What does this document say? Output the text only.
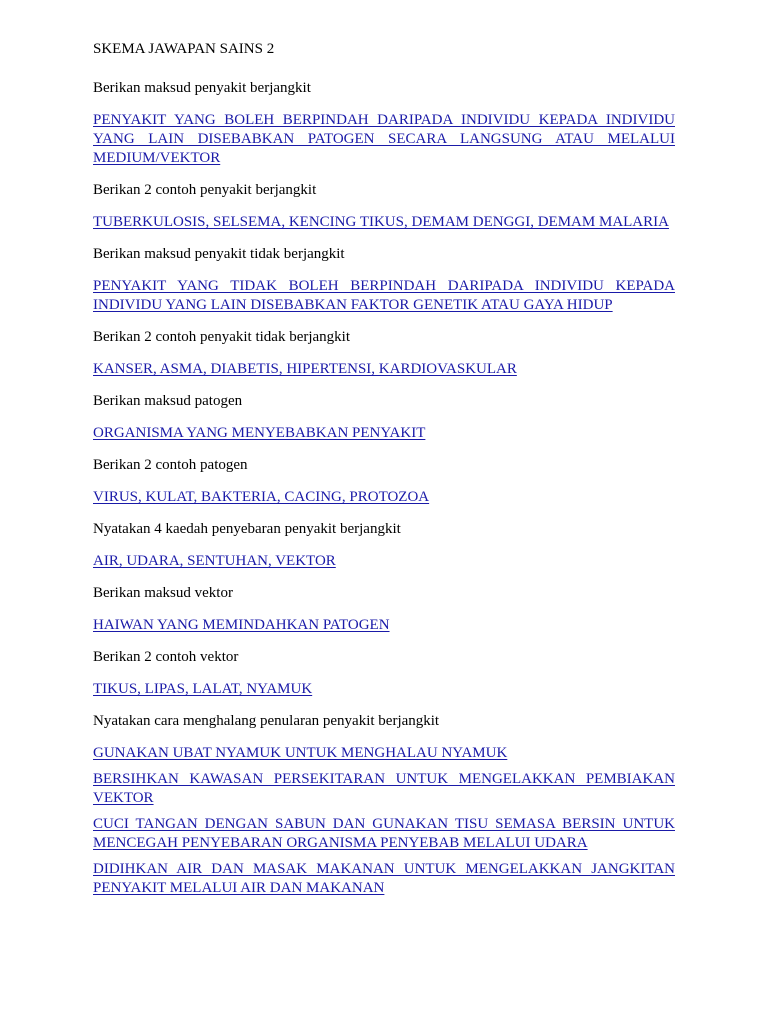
SKEMA JAWAPAN SAINS 2
Berikan maksud penyakit berjangkit
PENYAKIT YANG BOLEH BERPINDAH DARIPADA INDIVIDU KEPADA INDIVIDU YANG LAIN DISEBABKAN PATOGEN SECARA LANGSUNG ATAU MELALUI MEDIUM/VEKTOR
Berikan 2 contoh penyakit berjangkit
TUBERKULOSIS, SELSEMA, KENCING TIKUS, DEMAM DENGGI, DEMAM MALARIA
Berikan maksud penyakit tidak berjangkit
PENYAKIT YANG TIDAK BOLEH BERPINDAH DARIPADA INDIVIDU KEPADA INDIVIDU YANG LAIN DISEBABKAN FAKTOR GENETIK ATAU GAYA HIDUP
Berikan 2 contoh penyakit tidak berjangkit
KANSER, ASMA, DIABETIS, HIPERTENSI, KARDIOVASKULAR
Berikan maksud patogen
ORGANISMA YANG MENYEBABKAN PENYAKIT
Berikan 2 contoh patogen
VIRUS, KULAT, BAKTERIA, CACING, PROTOZOA
Nyatakan 4 kaedah penyebaran penyakit berjangkit
AIR, UDARA, SENTUHAN, VEKTOR
Berikan maksud vektor
HAIWAN YANG MEMINDAHKAN PATOGEN
Berikan 2 contoh vektor
TIKUS, LIPAS, LALAT, NYAMUK
Nyatakan cara menghalang penularan penyakit berjangkit
GUNAKAN UBAT NYAMUK UNTUK MENGHALAU NYAMUK
BERSIHKAN KAWASAN PERSEKITARAN UNTUK MENGELAKKAN PEMBIAKAN VEKTOR
CUCI TANGAN DENGAN SABUN DAN GUNAKAN TISU SEMASA BERSIN UNTUK MENCEGAH PENYEBARAN ORGANISMA PENYEBAB MELALUI UDARA
DIDIHKAN AIR DAN MASAK MAKANAN UNTUK MENGELAKKAN JANGKITAN PENYAKIT MELALUI AIR DAN MAKANAN
